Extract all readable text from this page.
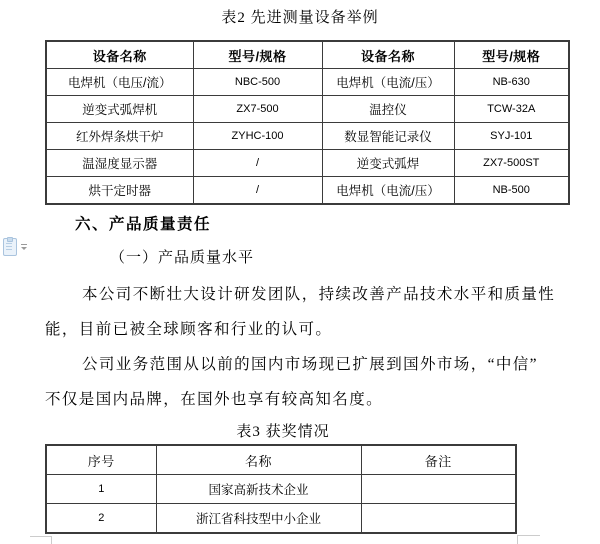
表2 先进测量设备举例
设备名称	型号/规格	设备名称	型号/规格
电焊机（电压/流）	NBC-500	电焊机（电流/压）	NB-630
逆变式弧焊机	ZX7-500	温控仪	TCW-32A
红外焊条烘干炉	ZYHC-100	数显智能记录仪	SYJ-101
温湿度显示器	/	逆变式弧焊	ZX7-500ST
烘干定时器	/	电焊机（电流/压）	NB-500
六、产品质量责任
（一）产品质量水平
本公司不断壮大设计研发团队，持续改善产品技术水平和质量性
能，目前已被全球顾客和行业的认可。
公司业务范围从以前的国内市场现已扩展到国外市场，“中信”
不仅是国内品牌，在国外也享有较高知名度。
表3 获奖情况
序号	名称	备注
1	国家高新技术企业	
2	浙江省科技型中小企业	
